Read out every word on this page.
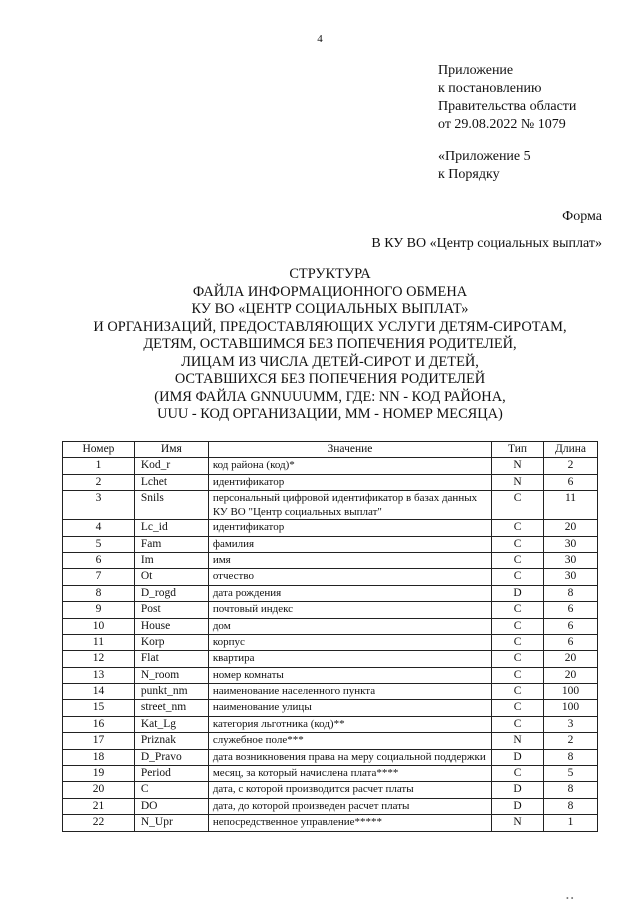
4
Приложение
к постановлению
Правительства области
от 29.08.2022 № 1079
«Приложение 5
к Порядку
Форма
В КУ ВО «Центр социальных выплат»
СТРУКТУРА
ФАЙЛА ИНФОРМАЦИОННОГО ОБМЕНА
КУ ВО «ЦЕНТР СОЦИАЛЬНЫХ ВЫПЛАТ»
И ОРГАНИЗАЦИЙ, ПРЕДОСТАВЛЯЮЩИХ УСЛУГИ ДЕТЯМ-СИРОТАМ,
ДЕТЯМ, ОСТАВШИМСЯ БЕЗ ПОПЕЧЕНИЯ РОДИТЕЛЕЙ,
ЛИЦАМ ИЗ ЧИСЛА ДЕТЕЙ-СИРОТ И ДЕТЕЙ,
ОСТАВШИХСЯ БЕЗ ПОПЕЧЕНИЯ РОДИТЕЛЕЙ
(ИМЯ ФАЙЛА GNNUUUMM, ГДЕ: NN - КОД РАЙОНА,
UUU - КОД ОРГАНИЗАЦИИ, ММ - НОМЕР МЕСЯЦА)
Номер	Имя	Значение	Тип	Длина
1	Kod_r	код района (код)*	N	2
2	Lchet	идентификатор	N	6
3	Snils	персональный цифровой идентификатор в базах данных КУ ВО "Центр социальных выплат"	C	11
4	Lc_id	идентификатор	C	20
5	Fam	фамилия	C	30
6	Im	имя	C	30
7	Ot	отчество	C	30
8	D_rogd	дата рождения	D	8
9	Post	почтовый индекс	C	6
10	House	дом	C	6
11	Korp	корпус	C	6
12	Flat	квартира	C	20
13	N_room	номер комнаты	C	20
14	punkt_nm	наименование населенного пункта	C	100
15	street_nm	наименование улицы	C	100
16	Kat_Lg	категория льготника (код)**	C	3
17	Priznak	служебное поле***	N	2
18	D_Pravo	дата возникновения права на меру социальной поддержки	D	8
19	Period	месяц, за который начислена плата****	C	5
20	C	дата, с которой производится расчет платы	D	8
21	DO	дата, до которой произведен расчет платы	D	8
22	N_Upr	непосредственное управление*****	N	1
• •
